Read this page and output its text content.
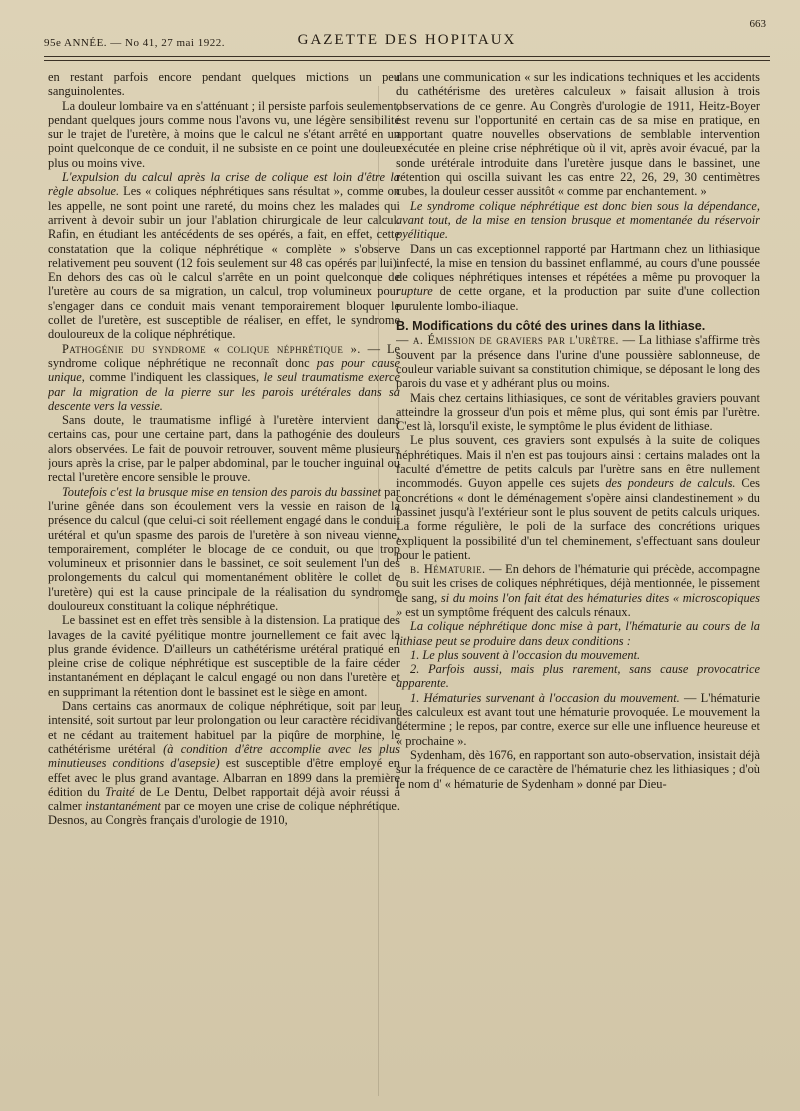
95e ANNÉE. — No 41, 27 mai 1922.	GAZETTE DES HOPITAUX
663

en restant parfois encore pendant quelques mictions un peu sanguinolentes.

La douleur lombaire va en s'atténuant ; il persiste parfois seulement, pendant quelques jours comme nous l'avons vu, une légère sensibilité sur le trajet de l'uretère, à moins que le calcul ne s'étant arrêté en un point quelconque de ce conduit, il ne subsiste en ce point une douleur plus ou moins vive.

L'expulsion du calcul après la crise de colique est loin d'être la règle absolue. Les « coliques néphrétiques sans résultat », comme on les appelle, ne sont point une rareté, du moins chez les malades qui arrivent à devoir subir un jour l'ablation chirurgicale de leur calcul. Rafin, en étudiant les antécédents de ses opérés, a fait, en effet, cette constatation que la colique néphrétique « complète » s'observe relativement peu souvent (12 fois seulement sur 48 cas opérés par lui). En dehors des cas où le calcul s'arrête en un point quelconque de l'uretère au cours de sa migration, un calcul, trop volumineux pour s'engager dans ce conduit mais venant temporairement bloquer le collet de l'uretère, est susceptible de réaliser, en effet, le syndrome douloureux de la colique néphrétique.

Pathogénie du syndrome « colique néphrétique ». — Le syndrome colique néphrétique ne reconnaît donc pas pour cause unique, comme l'indiquent les classiques, le seul traumatisme exercé par la migration de la pierre sur les parois urétérales dans sa descente vers la vessie.

Sans doute, le traumatisme infligé à l'uretère intervient dans certains cas, pour une certaine part, dans la pathogénie des douleurs alors observées. Le fait de pouvoir retrouver, souvent même plusieurs jours après la crise, par le palper abdominal, par le toucher inguinal ou rectal l'uretère encore sensible le prouve.

Toutefois c'est la brusque mise en tension des parois du bassinet par l'urine gênée dans son écoulement vers la vessie en raison de la présence du calcul (que celui-ci soit réellement engagé dans le conduit urétéral et qu'un spasme des parois de l'uretère à son niveau vienne, temporairement, compléter le blocage de ce conduit, ou que trop volumineux et prisonnier dans le bassinet, ce soit seulement l'un des prolongements du calcul qui momentanément oblitère le collet de l'uretère) qui est la cause principale de la réalisation du syndrome douloureux constituant la colique néphrétique.

Le bassinet est en effet très sensible à la distension. La pratique des lavages de la cavité pyélitique montre journellement ce fait avec la plus grande évidence. D'ailleurs un cathétérisme urétéral pratiqué en pleine crise de colique néphrétique est susceptible de la faire céder instantanément en déplaçant le calcul engagé ou non dans l'uretère et en supprimant la rétention dont le bassinet est le siège en amont.

Dans certains cas anormaux de colique néphrétique, soit par leur intensité, soit surtout par leur prolongation ou leur caractère récidivant et ne cédant au traitement habituel par la piqûre de morphine, le cathétérisme urétéral (à condition d'être accomplie avec les plus minutieuses conditions d'asepsie) est susceptible d'être employé en effet avec le plus grand avantage. Albarran en 1899 dans la première édition du Traité de Le Dentu, Delbet rapportait déjà avoir réussi à calmer instantanément par ce moyen une crise de colique néphrétique. Desnos, au Congrès français d'urologie de 1910,

dans une communication « sur les indications techniques et les accidents du cathétérisme des uretères calculeux » faisait allusion à trois observations de ce genre. Au Congrès d'urologie de 1911, Heitz-Boyer est revenu sur l'opportunité en certain cas de sa mise en pratique, en apportant quatre nouvelles observations de semblable intervention exécutée en pleine crise néphrétique où il vit, après avoir évacué, par la sonde urétérale introduite dans l'uretère jusque dans le bassinet, une rétention qui oscilla suivant les cas entre 22, 26, 29, 30 centimètres cubes, la douleur cesser aussitôt « comme par enchantement. »

Le syndrome colique néphrétique est donc bien sous la dépendance, avant tout, de la mise en tension brusque et momentanée du réservoir pyélitique.

Dans un cas exceptionnel rapporté par Hartmann chez un lithiasique infecté, la mise en tension du bassinet enflammé, au cours d'une poussée de coliques néphrétiques intenses et répétées a même pu provoquer la rupture de cette organe, et la production par suite d'une collection purulente lombo-iliaque.

B. Modifications du côté des urines dans la lithiase.

— a. Émission de graviers par l'urètre. — La lithiase s'affirme très souvent par la présence dans l'urine d'une poussière sablonneuse, de couleur variable suivant sa constitution chimique, se déposant le long des parois du vase et y adhérant plus ou moins.

Mais chez certains lithiasiques, ce sont de véritables graviers pouvant atteindre la grosseur d'un pois et même plus, qui sont émis par l'urètre. C'est là, lorsqu'il existe, le symptôme le plus évident de lithiase.

Le plus souvent, ces graviers sont expulsés à la suite de coliques néphrétiques. Mais il n'en est pas toujours ainsi : certains malades ont la faculté d'émettre de petits calculs par l'urètre sans en être nullement incommodés. Guyon appelle ces sujets des pondeurs de calculs. Ces concrétions « dont le déménagement s'opère ainsi clandestinement » du bassinet jusqu'à l'extérieur sont le plus souvent de petits calculs uriques. La forme régulière, le poli de la surface des concrétions uriques expliquent la possibilité d'un tel cheminement, s'effectuant sans douleur pour le patient.

b. Hématurie. — En dehors de l'hématurie qui précède, accompagne ou suit les crises de coliques néphrétiques, déjà mentionnée, le pissement de sang, si du moins l'on fait état des hématuries dites « microscopiques » est un symptôme fréquent des calculs rénaux.

La colique néphrétique donc mise à part, l'hématurie au cours de la lithiase peut se produire dans deux conditions :

1. Le plus souvent à l'occasion du mouvement.

2. Parfois aussi, mais plus rarement, sans cause provocatrice apparente.

1. Hématuries survenant à l'occasion du mouvement. — L'hématurie des calculeux est avant tout une hématurie provoquée. Le mouvement la détermine ; le repos, par contre, exerce sur elle une influence heureuse et « prochaine ».

Sydenham, dès 1676, en rapportant son auto-observation, insistait déjà sur la fréquence de ce caractère de l'hématurie chez les lithiasiques ; d'où le nom d' « hématurie de Sydenham » donné par Dieu-
